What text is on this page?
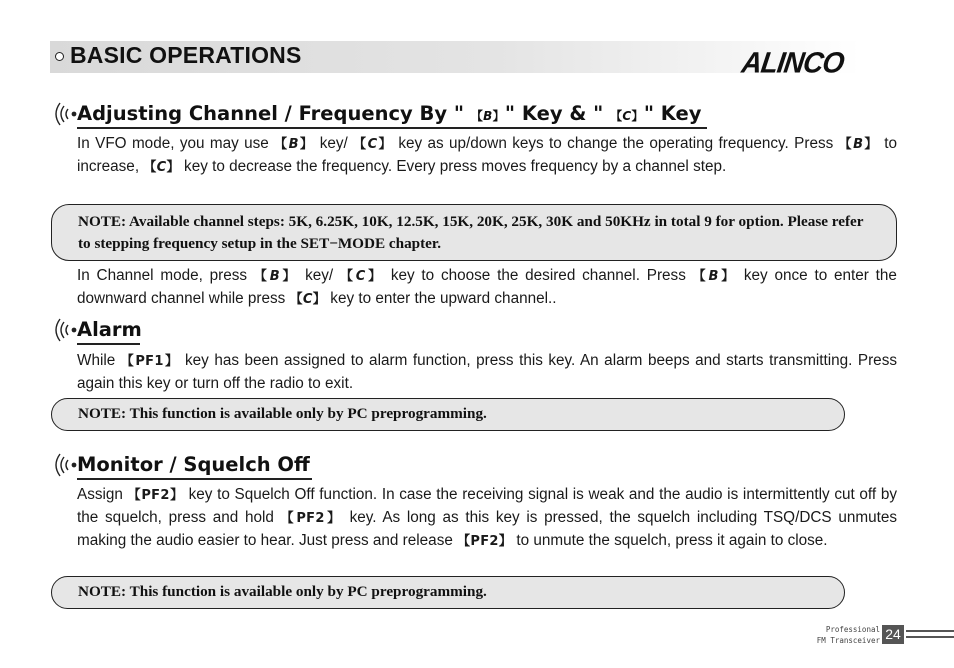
BASIC OPERATIONS	ALINCO
Adjusting Channel / Frequency By " 【B】" Key & " 【C】" Key
In VFO mode, you may use 【B】 key/ 【C】 key as up/down keys to change the operating frequency. Press 【B】 to increase, 【C】 key to decrease the frequency. Every press moves frequency by a channel step.
NOTE: Available channel steps: 5K, 6.25K, 10K, 12.5K, 15K, 20K, 25K, 30K and 50KHz in total 9 for option. Please refer to stepping frequency setup in the SET−MODE chapter.
In Channel mode, press 【B】 key/ 【C】 key to choose the desired channel. Press 【B】 key once to enter the downward channel while press 【C】 key to enter the upward channel..
Alarm
While 【PF1】 key has been assigned to alarm function, press this key. An alarm beeps and starts transmitting. Press again this key or turn off the radio to exit.
NOTE: This function is available only by PC preprogramming.
Monitor / Squelch Off
Assign 【PF2】 key to Squelch Off function. In case the receiving signal is weak and the audio is intermittently cut off by the squelch, press and hold 【PF2】 key. As long as this key is pressed, the squelch including TSQ/DCS unmutes making the audio easier to hear. Just press and release 【PF2】 to unmute the squelch, press it again to close.
NOTE: This function is available only by PC preprogramming.
Professional
FM Transceiver 24
